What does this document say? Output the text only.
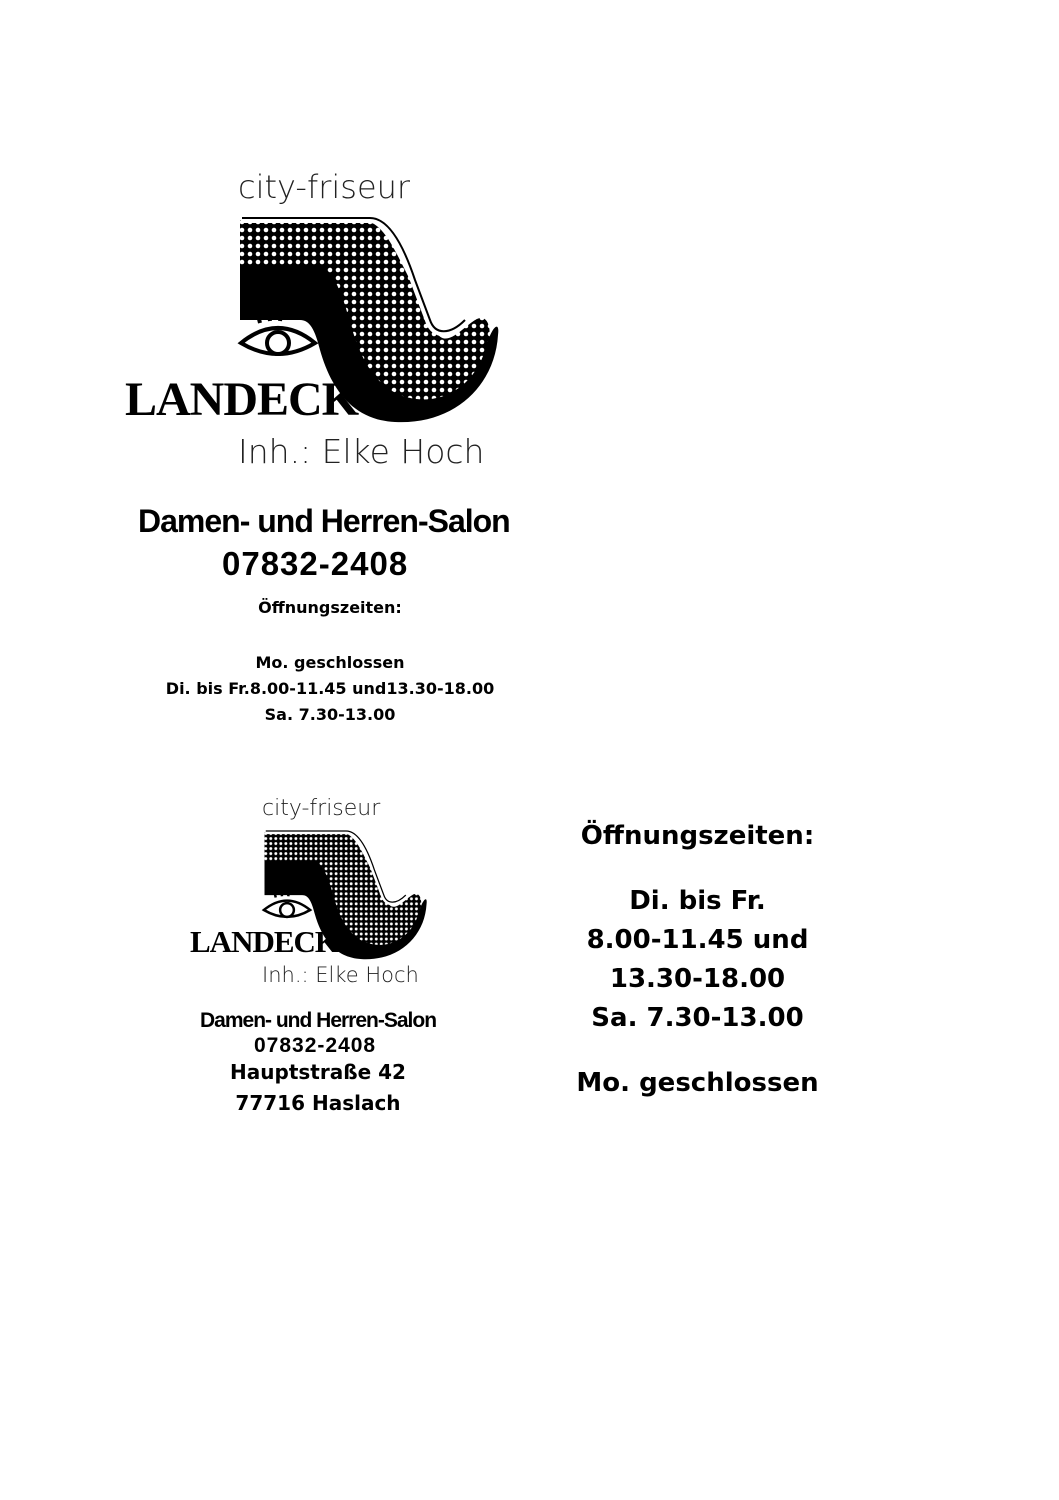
city-friseur
LANDECK
Inh.: Elke Hoch
Damen- und Herren-Salon
07832-2408
Öffnungszeiten:
Mo. geschlossen
Di. bis Fr.8.00-11.45 und13.30-18.00
Sa. 7.30-13.00
city-friseur
LANDECK
Inh.: Elke Hoch
Damen- und Herren-Salon
07832-2408
Hauptstraße 42
77716 Haslach
Öffnungszeiten:
Di. bis Fr.
8.00-11.45 und
13.30-18.00
Sa. 7.30-13.00
Mo. geschlossen
